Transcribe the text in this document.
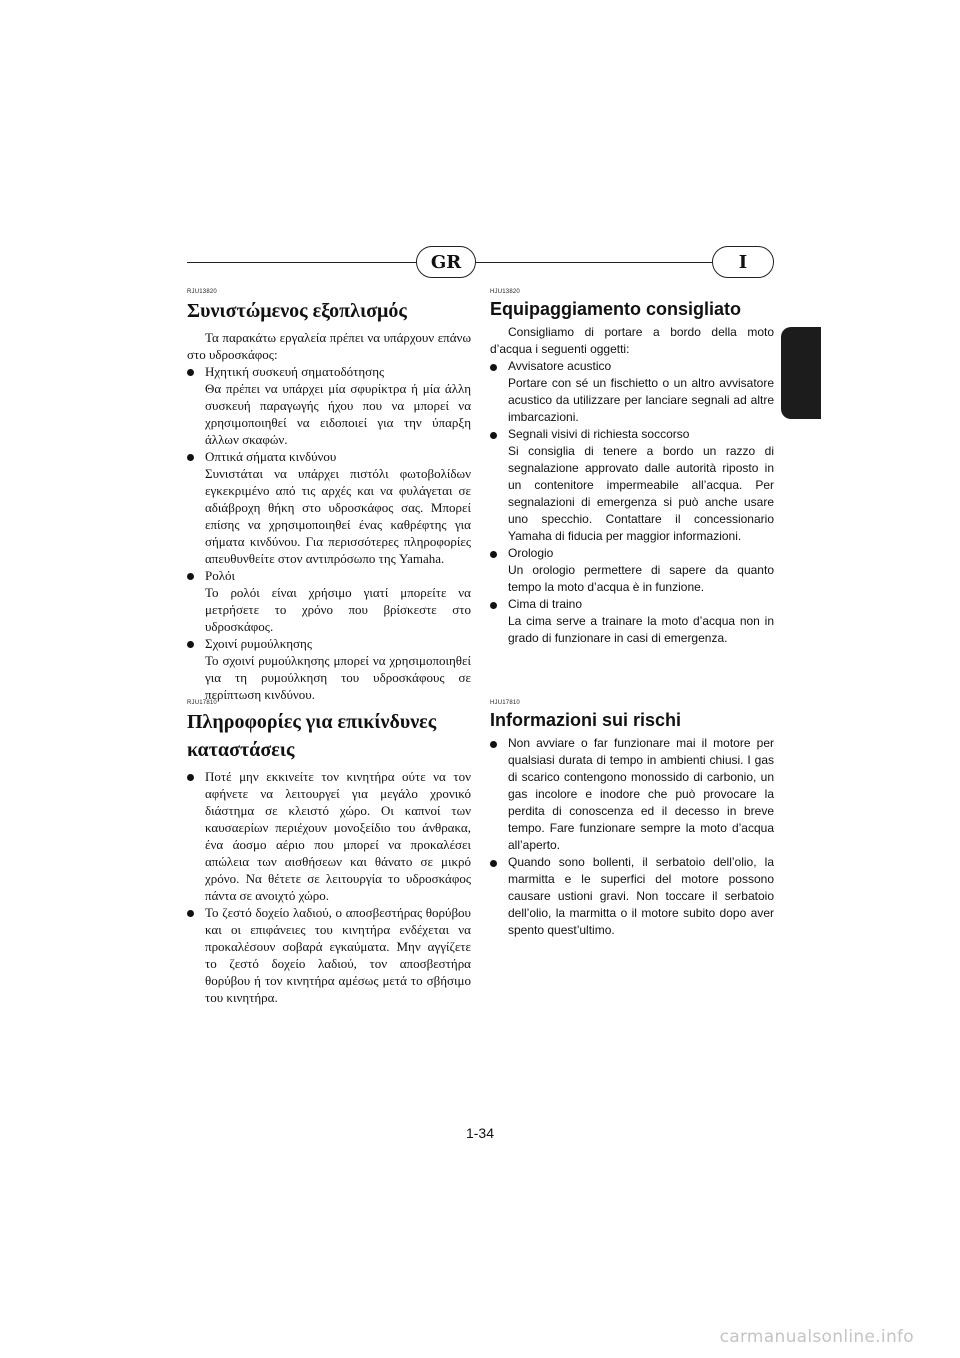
GR	I

RJU13820

Συνιστώμενος εξοπλισμός

Τα παρακάτω εργαλεία πρέπει να υπάρχουν επάνω στο υδροσκάφος:

Ηχητική συσκευή σηματοδότησης

Θα πρέπει να υπάρχει μία σφυρίκτρα ή μία άλλη συσκευή παραγωγής ήχου που να μπορεί να χρησιμοποιηθεί να ειδοποιεί για την ύπαρξη άλλων σκαφών.

Οπτικά σήματα κινδύνου

Συνιστάται να υπάρχει πιστόλι φωτοβολίδων εγκεκριμένο από τις αρχές και να φυλάγεται σε αδιάβροχη θήκη στο υδροσκάφος σας. Μπορεί επίσης να χρησιμοποιηθεί ένας καθρέφτης για σήματα κινδύνου. Για περισσότερες πληροφορίες απευθυνθείτε στον αντιπρόσωπο της Yamaha.

Ρολόι

Το ρολόι είναι χρήσιμο γιατί μπορείτε να μετρήσετε το χρόνο που βρίσκεστε στο υδροσκάφος.

Σχοινί ρυμούλκησης

Το σχοινί ρυμούλκησης μπορεί να χρησιμοποιηθεί για τη ρυμούλκηση του υδροσκάφους σε περίπτωση κινδύνου.

RJU17810

Πληροφορίες για επικίνδυνες καταστάσεις

Ποτέ μην εκκινείτε τον κινητήρα ούτε να τον αφήνετε να λειτουργεί για μεγάλο χρονικό διάστημα σε κλειστό χώρο. Οι καπνοί των καυσαερίων περιέχουν μονοξείδιο του άνθρακα, ένα άοσμο αέριο που μπορεί να προκαλέσει απώλεια των αισθήσεων και θάνατο σε μικρό χρόνο. Να θέτετε σε λειτουργία το υδροσκάφος πάντα σε ανοιχτό χώρο.

Το ζεστό δοχείο λαδιού, ο αποσβεστήρας θορύβου και οι επιφάνειες του κινητήρα ενδέχεται να προκαλέσουν σοβαρά εγκαύματα. Μην αγγίζετε το ζεστό δοχείο λαδιού, τον αποσβεστήρα θορύβου ή τον κινητήρα αμέσως μετά το σβήσιμο του κινητήρα.

HJU13820

Equipaggiamento consigliato

Consigliamo di portare a bordo della moto d’acqua i seguenti oggetti:

Avvisatore acustico

Portare con sé un fischietto o un altro avvisatore acustico da utilizzare per lanciare segnali ad altre imbarcazioni.

Segnali visivi di richiesta soccorso

Si consiglia di tenere a bordo un razzo di segnalazione approvato dalle autorità riposto in un contenitore impermeabile all’acqua. Per segnalazioni di emergenza si può anche usare uno specchio. Contattare il concessionario Yamaha di fiducia per maggior informazioni.

Orologio

Un orologio permettere di sapere da quanto tempo la moto d’acqua è in funzione.

Cima di traino

La cima serve a trainare la moto d’acqua non in grado di funzionare in casi di emergenza.

HJU17810

Informazioni sui rischi

Non avviare o far funzionare mai il motore per qualsiasi durata di tempo in ambienti chiusi. I gas di scarico contengono monossido di carbonio, un gas incolore e inodore che può provocare la perdita di conoscenza ed il decesso in breve tempo. Fare funzionare sempre la moto d’acqua all’aperto.

Quando sono bollenti, il serbatoio dell’olio, la marmitta e le superfici del motore possono causare ustioni gravi. Non toccare il serbatoio dell’olio, la marmitta o il motore subito dopo aver spento quest’ultimo.

1-34
carmanualsonline.info
